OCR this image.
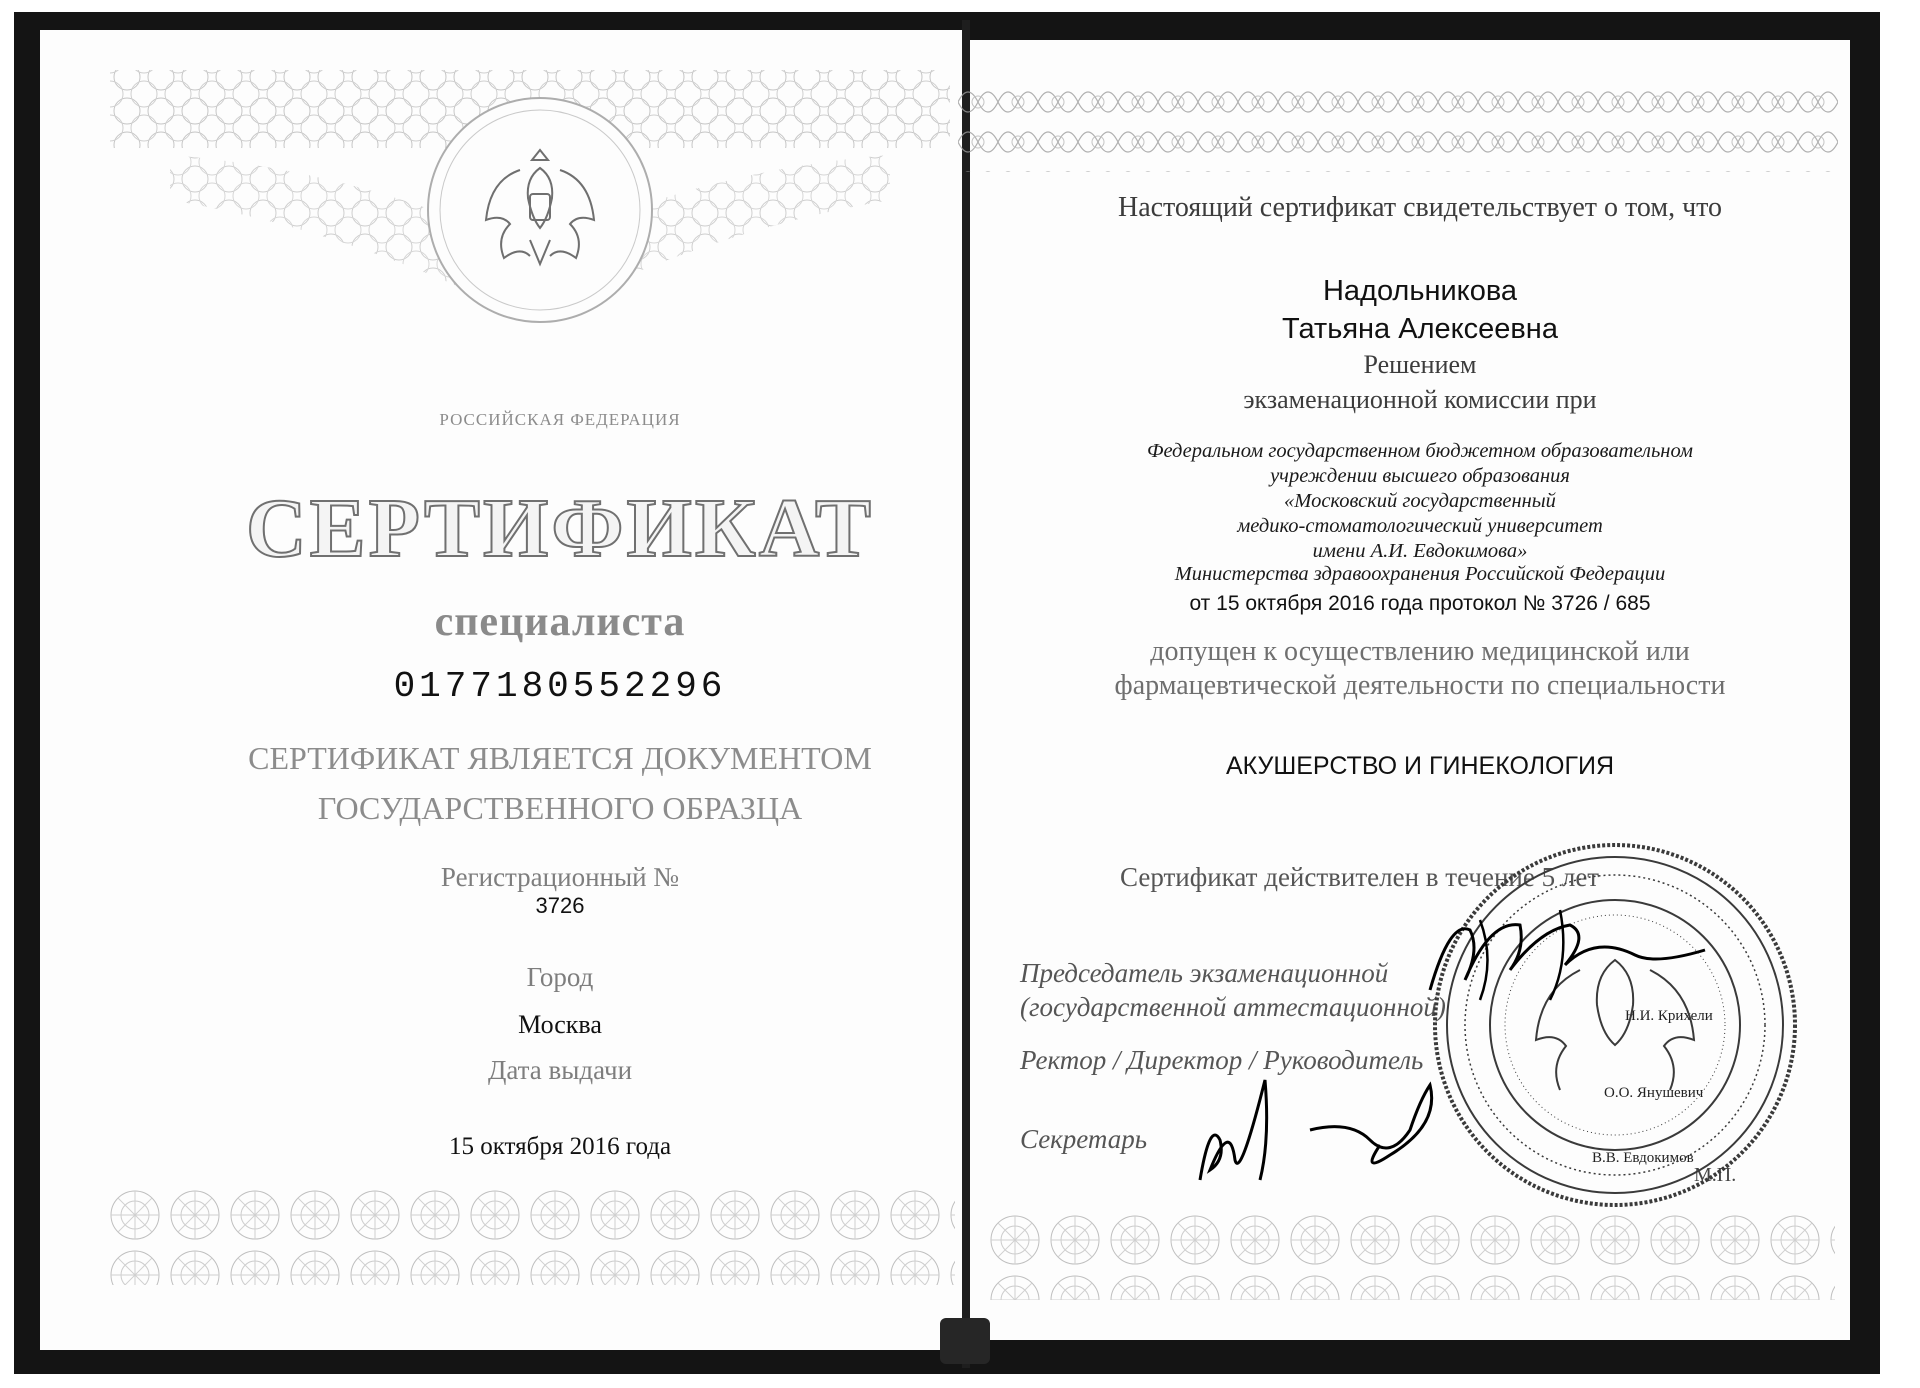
РОССИЙСКАЯ ФЕДЕРАЦИЯ
СЕРТИФИКАТ
специалиста
0177180552296
СЕРТИФИКАТ ЯВЛЯЕТСЯ ДОКУМЕНТОМ
ГОСУДАРСТВЕННОГО ОБРАЗЦА
Регистрационный №
3726
Город
Москва
Дата выдачи
15 октября 2016 года
Настоящий сертификат свидетельствует о том, что
Надольникова
Татьяна Алексеевна
Решением
экзаменационной комиссии при
Федеральном государственном бюджетном образовательном
учреждении высшего образования
«Московский государственный
медико-стоматологический университет
имени А.И. Евдокимова»
Министерства здравоохранения Российской Федерации
от 15 октября 2016 года протокол № 3726 / 685
допущен к осуществлению медицинской или
фармацевтической деятельности по специальности
АКУШЕРСТВО И ГИНЕКОЛОГИЯ
Сертификат действителен в течение 5 лет
Председатель экзаменационной
(государственной аттестационной)	Н.И. Крихели
Ректор / Директор / Руководитель
О.О. Янушевич
Секретарь
В.В. Евдокимов
М.П.
